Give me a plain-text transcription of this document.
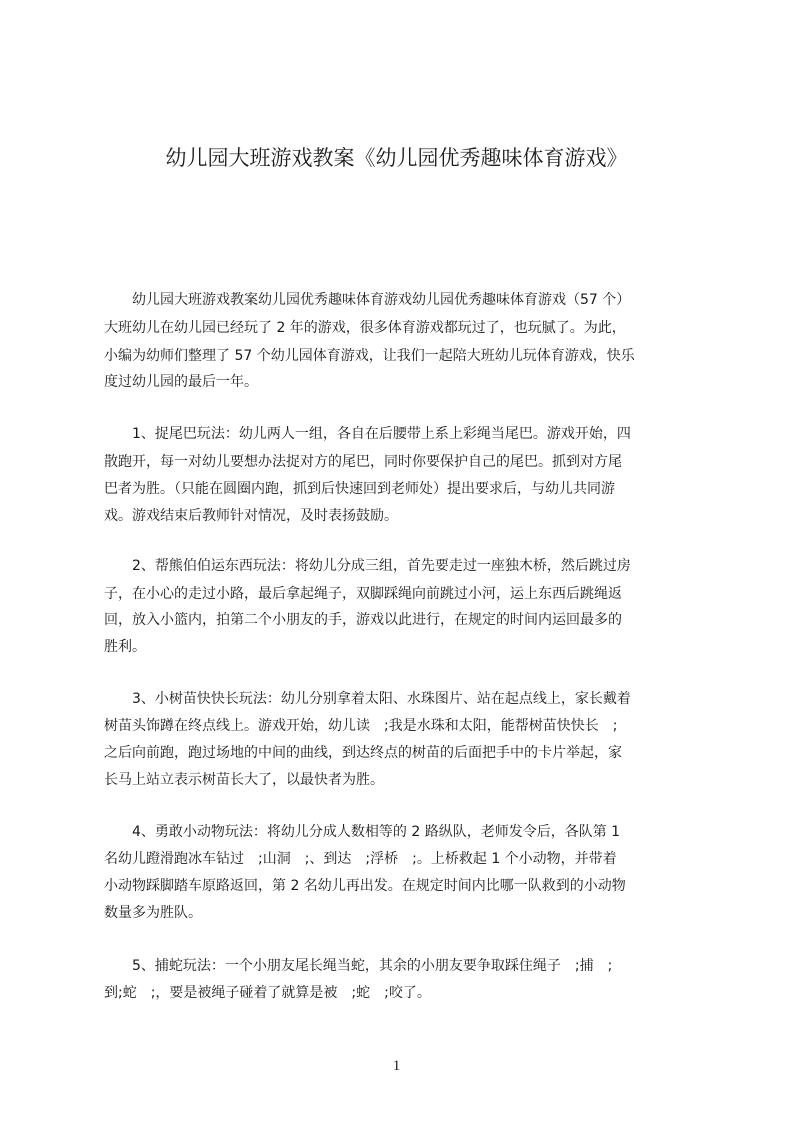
幼儿园大班游戏教案《幼儿园优秀趣味体育游戏》
　　幼儿园大班游戏教案幼儿园优秀趣味体育游戏幼儿园优秀趣味体育游戏（57 个）
大班幼儿在幼儿园已经玩了 2 年的游戏，很多体育游戏都玩过了，也玩腻了。为此，
小编为幼师们整理了 57 个幼儿园体育游戏，让我们一起陪大班幼儿玩体育游戏，快乐
度过幼儿园的最后一年。
　　1、捉尾巴玩法：幼儿两人一组，各自在后腰带上系上彩绳当尾巴。游戏开始，四
散跑开，每一对幼儿要想办法捉对方的尾巴，同时你要保护自己的尾巴。抓到对方尾
巴者为胜。（只能在圆圈内跑，抓到后快速回到老师处）提出要求后，与幼儿共同游
戏。游戏结束后教师针对情况，及时表扬鼓励。
　　2、帮熊伯伯运东西玩法：将幼儿分成三组，首先要走过一座独木桥，然后跳过房
子，在小心的走过小路，最后拿起绳子，双脚踩绳向前跳过小河，运上东西后跳绳返
回，放入小篮内，拍第二个小朋友的手，游戏以此进行，在规定的时间内运回最多的
胜利。
　　3、小树苗快快长玩法：幼儿分别拿着太阳、水珠图片、站在起点线上，家长戴着
树苗头饰蹲在终点线上。游戏开始，幼儿读　;我是水珠和太阳，能帮树苗快快长　;
之后向前跑，跑过场地的中间的曲线，到达终点的树苗的后面把手中的卡片举起，家
长马上站立表示树苗长大了，以最快者为胜。
　　4、勇敢小动物玩法：将幼儿分成人数相等的 2 路纵队，老师发令后，各队第 1
名幼儿蹬滑跑冰车钻过　;山洞　;、到达　;浮桥　;。上桥救起 1 个小动物，并带着
小动物踩脚踏车原路返回，第 2 名幼儿再出发。在规定时间内比哪一队救到的小动物
数量多为胜队。
　　5、捕蛇玩法：一个小朋友尾长绳当蛇，其余的小朋友要争取踩住绳子　;捕　;
到;蛇　;，要是被绳子碰着了就算是被　;蛇　;咬了。
1
